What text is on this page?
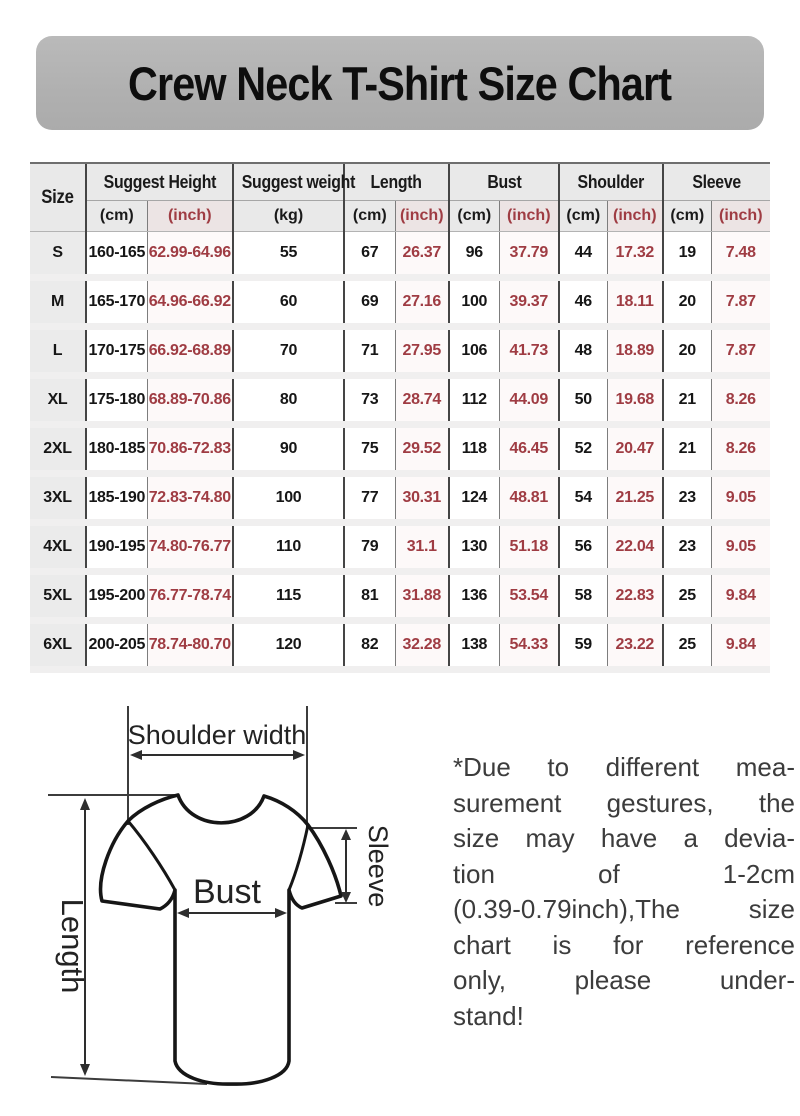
Crew Neck T-Shirt Size Chart
Size	Suggest Height		Suggest weight	Length		Bust		Shoulder		Sleeve	
	(cm)	(inch)	(kg)	(cm)	(inch)	(cm)	(inch)	(cm)	(inch)	(cm)	(inch)
S	160-165	62.99-64.96	55	67	26.37	96	37.79	44	17.32	19	7.48
M	165-170	64.96-66.92	60	69	27.16	100	39.37	46	18.11	20	7.87
L	170-175	66.92-68.89	70	71	27.95	106	41.73	48	18.89	20	7.87
XL	175-180	68.89-70.86	80	73	28.74	112	44.09	50	19.68	21	8.26
2XL	180-185	70.86-72.83	90	75	29.52	118	46.45	52	20.47	21	8.26
3XL	185-190	72.83-74.80	100	77	30.31	124	48.81	54	21.25	23	9.05
4XL	190-195	74.80-76.77	110	79	31.1	130	51.18	56	22.04	23	9.05
5XL	195-200	76.77-78.74	115	81	31.88	136	53.54	58	22.83	25	9.84
6XL	200-205	78.74-80.70	120	82	32.28	138	54.33	59	23.22	25	9.84
Shoulder width
Length
Bust	Sleeve
*Due to different mea-
surement gestures, the
size may have a devia-
tion of 1-2cm
(0.39-0.79inch),The size
chart is for reference
only, please under-
stand!
